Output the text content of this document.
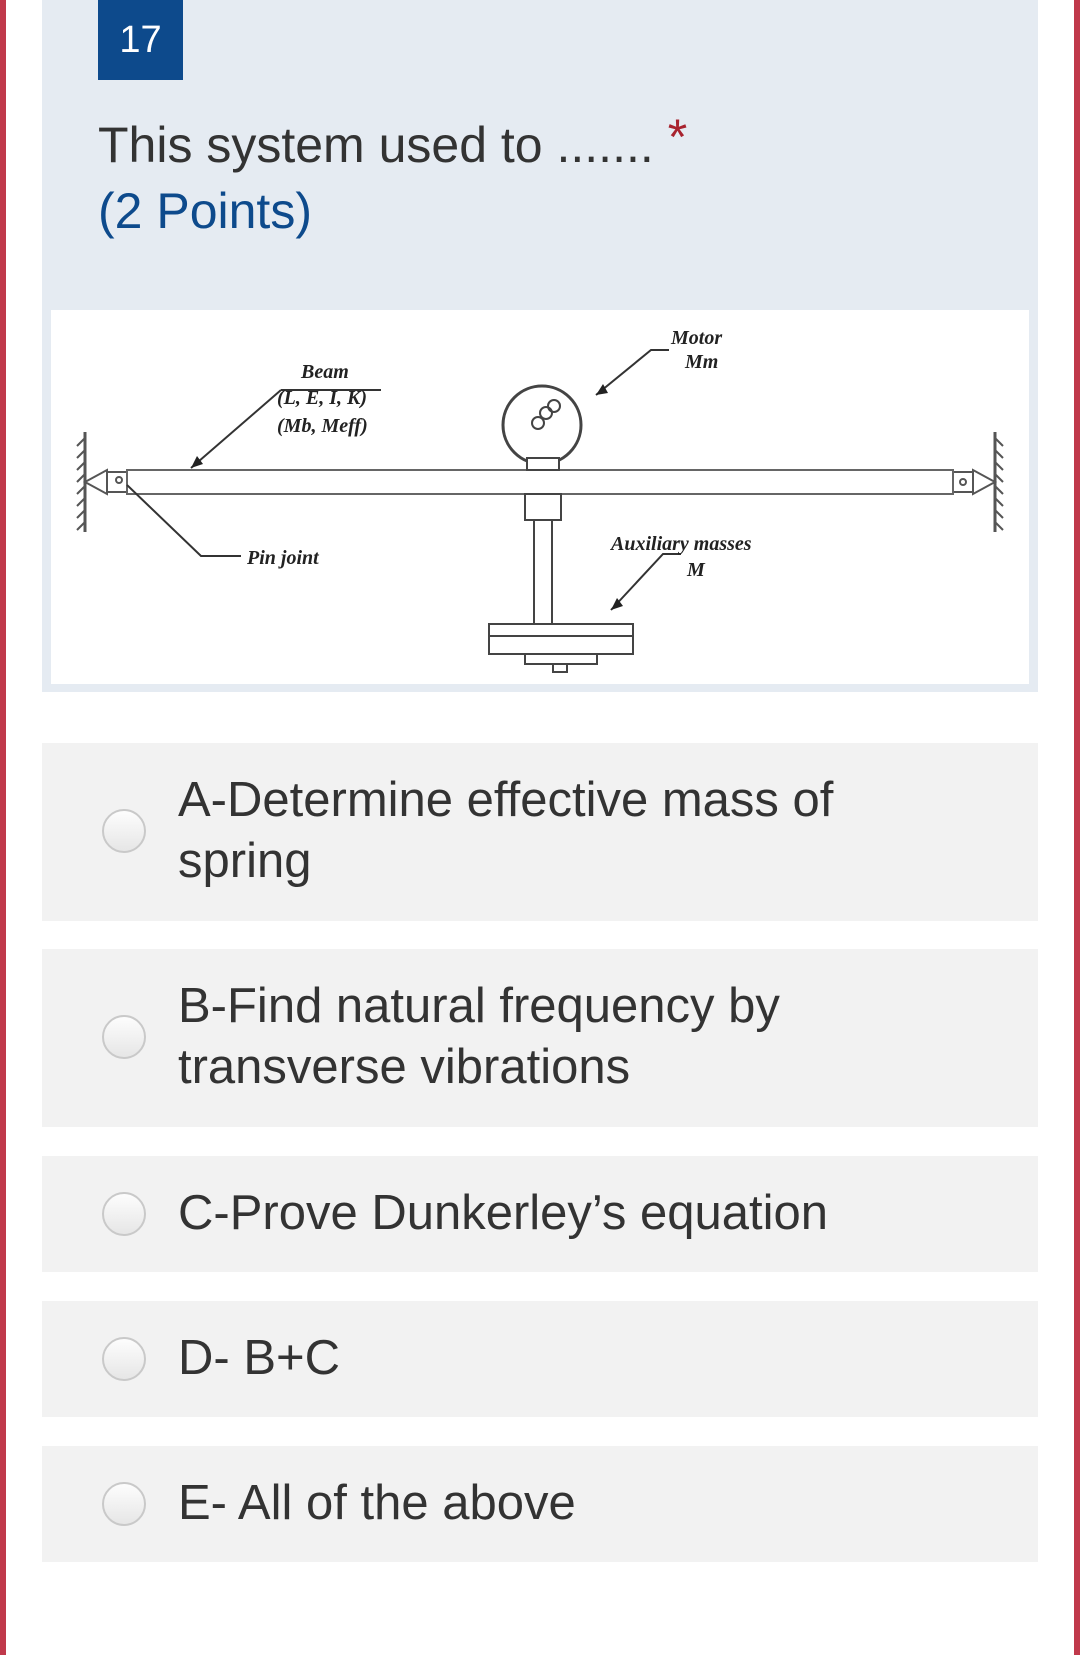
17
This system used to ....... *
(2 Points)
Beam
(L, E, I, K)
(Mb, Meff)
Pin joint
Motor
Mm
Auxiliary masses
M
A-Determine effective mass of
spring
B-Find natural frequency by
transverse vibrations
C-Prove Dunkerley’s equation
D- B+C
E- All of the above
